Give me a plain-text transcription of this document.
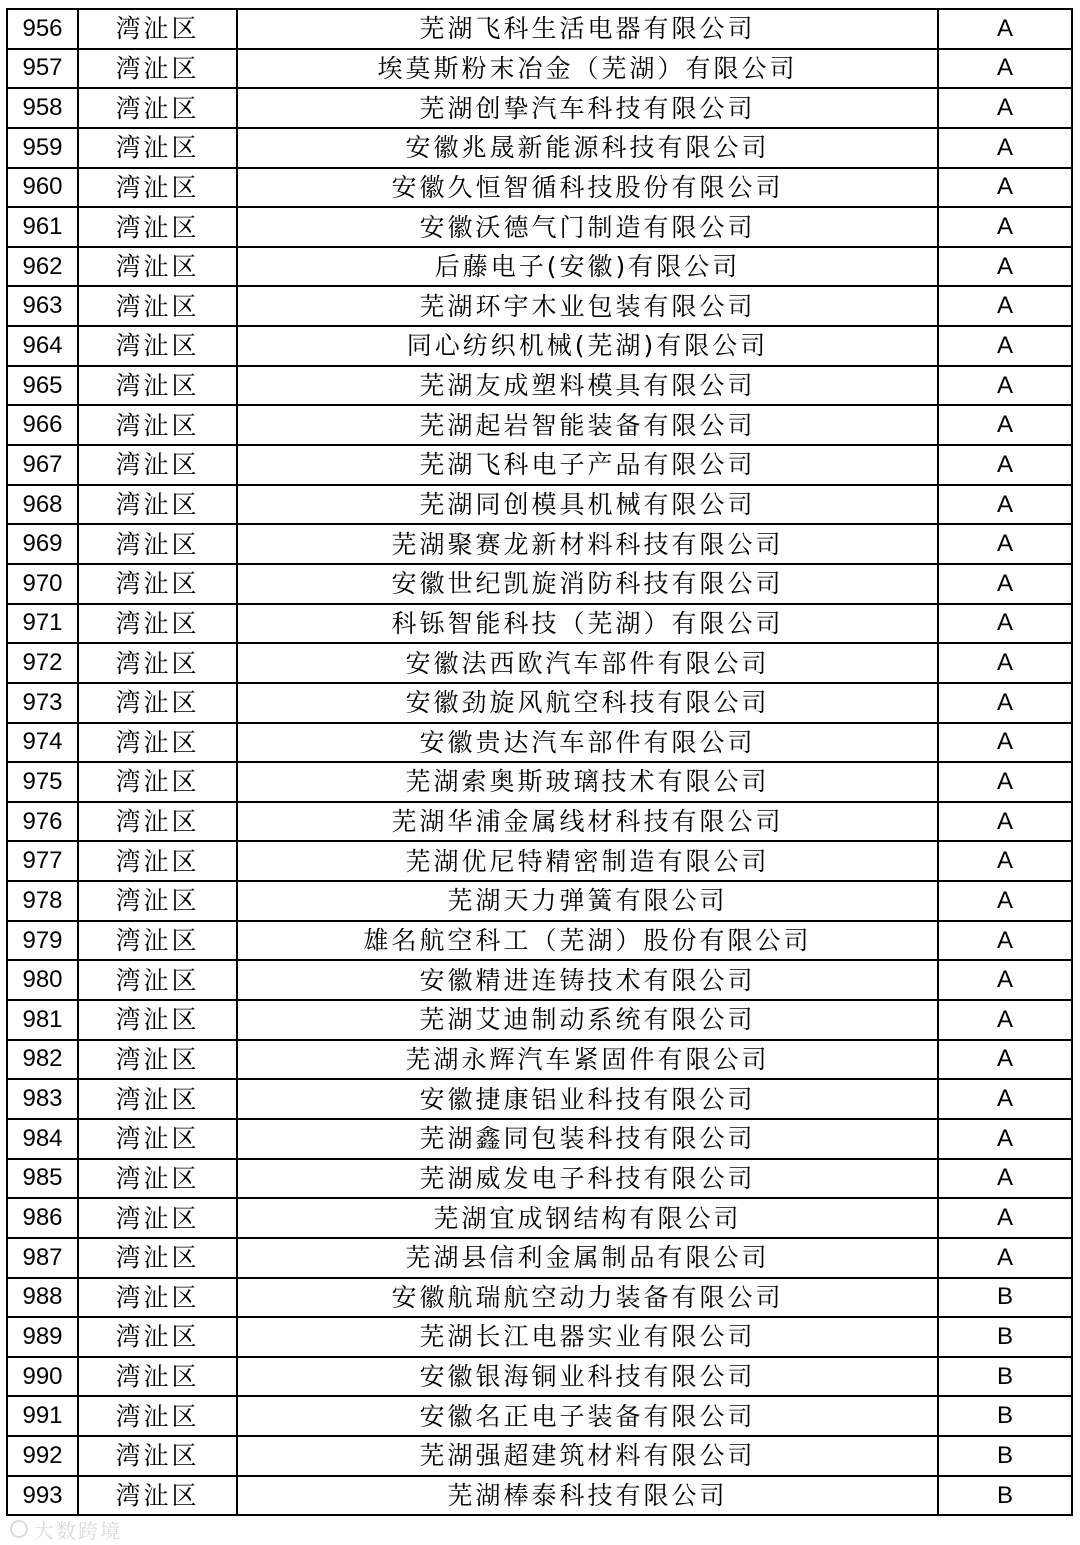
956	湾沚区	芜湖飞科生活电器有限公司	A
957	湾沚区	埃莫斯粉末冶金（芜湖）有限公司	A
958	湾沚区	芜湖创挚汽车科技有限公司	A
959	湾沚区	安徽兆晟新能源科技有限公司	A
960	湾沚区	安徽久恒智循科技股份有限公司	A
961	湾沚区	安徽沃德气门制造有限公司	A
962	湾沚区	后藤电子(安徽)有限公司	A
963	湾沚区	芜湖环宇木业包装有限公司	A
964	湾沚区	同心纺织机械(芜湖)有限公司	A
965	湾沚区	芜湖友成塑料模具有限公司	A
966	湾沚区	芜湖起岩智能装备有限公司	A
967	湾沚区	芜湖飞科电子产品有限公司	A
968	湾沚区	芜湖同创模具机械有限公司	A
969	湾沚区	芜湖聚赛龙新材料科技有限公司	A
970	湾沚区	安徽世纪凯旋消防科技有限公司	A
971	湾沚区	科铄智能科技（芜湖）有限公司	A
972	湾沚区	安徽法西欧汽车部件有限公司	A
973	湾沚区	安徽劲旋风航空科技有限公司	A
974	湾沚区	安徽贵达汽车部件有限公司	A
975	湾沚区	芜湖索奥斯玻璃技术有限公司	A
976	湾沚区	芜湖华浦金属线材科技有限公司	A
977	湾沚区	芜湖优尼特精密制造有限公司	A
978	湾沚区	芜湖天力弹簧有限公司	A
979	湾沚区	雄名航空科工（芜湖）股份有限公司	A
980	湾沚区	安徽精进连铸技术有限公司	A
981	湾沚区	芜湖艾迪制动系统有限公司	A
982	湾沚区	芜湖永辉汽车紧固件有限公司	A
983	湾沚区	安徽捷康铝业科技有限公司	A
984	湾沚区	芜湖鑫同包装科技有限公司	A
985	湾沚区	芜湖威发电子科技有限公司	A
986	湾沚区	芜湖宜成钢结构有限公司	A
987	湾沚区	芜湖县信利金属制品有限公司	A
988	湾沚区	安徽航瑞航空动力装备有限公司	B
989	湾沚区	芜湖长江电器实业有限公司	B
990	湾沚区	安徽银海铜业科技有限公司	B
991	湾沚区	安徽名正电子装备有限公司	B
992	湾沚区	芜湖强超建筑材料有限公司	B
993	湾沚区	芜湖棒泰科技有限公司	B
大数跨境
